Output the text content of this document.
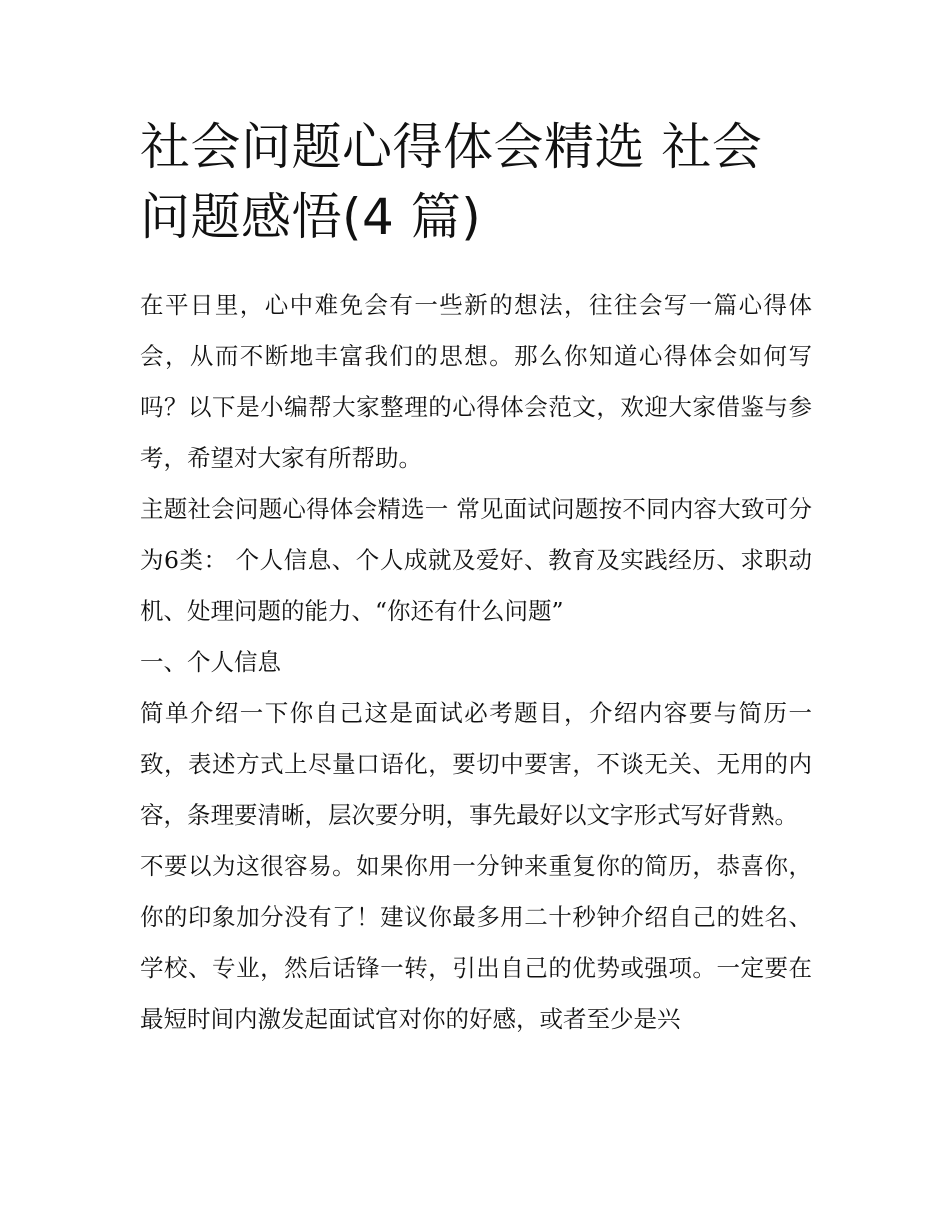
社会问题心得体会精选 社会问题感悟(4 篇)

在平日里，心中难免会有一些新的想法，往往会写一篇心得体会，从而不断地丰富我们的思想。那么你知道心得体会如何写吗？以下是小编帮大家整理的心得体会范文，欢迎大家借鉴与参考，希望对大家有所帮助。

主题社会问题心得体会精选一 常见面试问题按不同内容大致可分为6类： 个人信息、个人成就及爱好、教育及实践经历、求职动机、处理问题的能力、“你还有什么问题”

一、个人信息

简单介绍一下你自己这是面试必考题目，介绍内容要与简历一致，表述方式上尽量口语化，要切中要害，不谈无关、无用的内容，条理要清晰，层次要分明，事先最好以文字形式写好背熟。

不要以为这很容易。如果你用一分钟来重复你的简历，恭喜你，你的印象加分没有了！建议你最多用二十秒钟介绍自己的姓名、学校、专业，然后话锋一转，引出自己的优势或强项。一定要在最短时间内激发起面试官对你的好感，或者至少是兴
